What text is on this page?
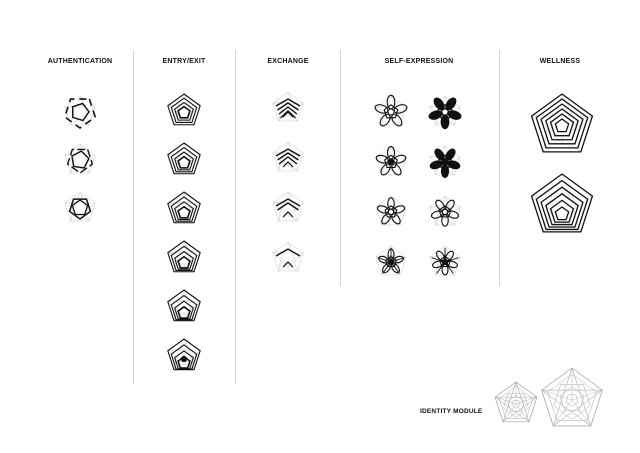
AUTHENTICATION	ENTRY/EXIT	EXCHANGE	SELF-EXPRESSION	WELLNESS
IDENTITY MODULE
